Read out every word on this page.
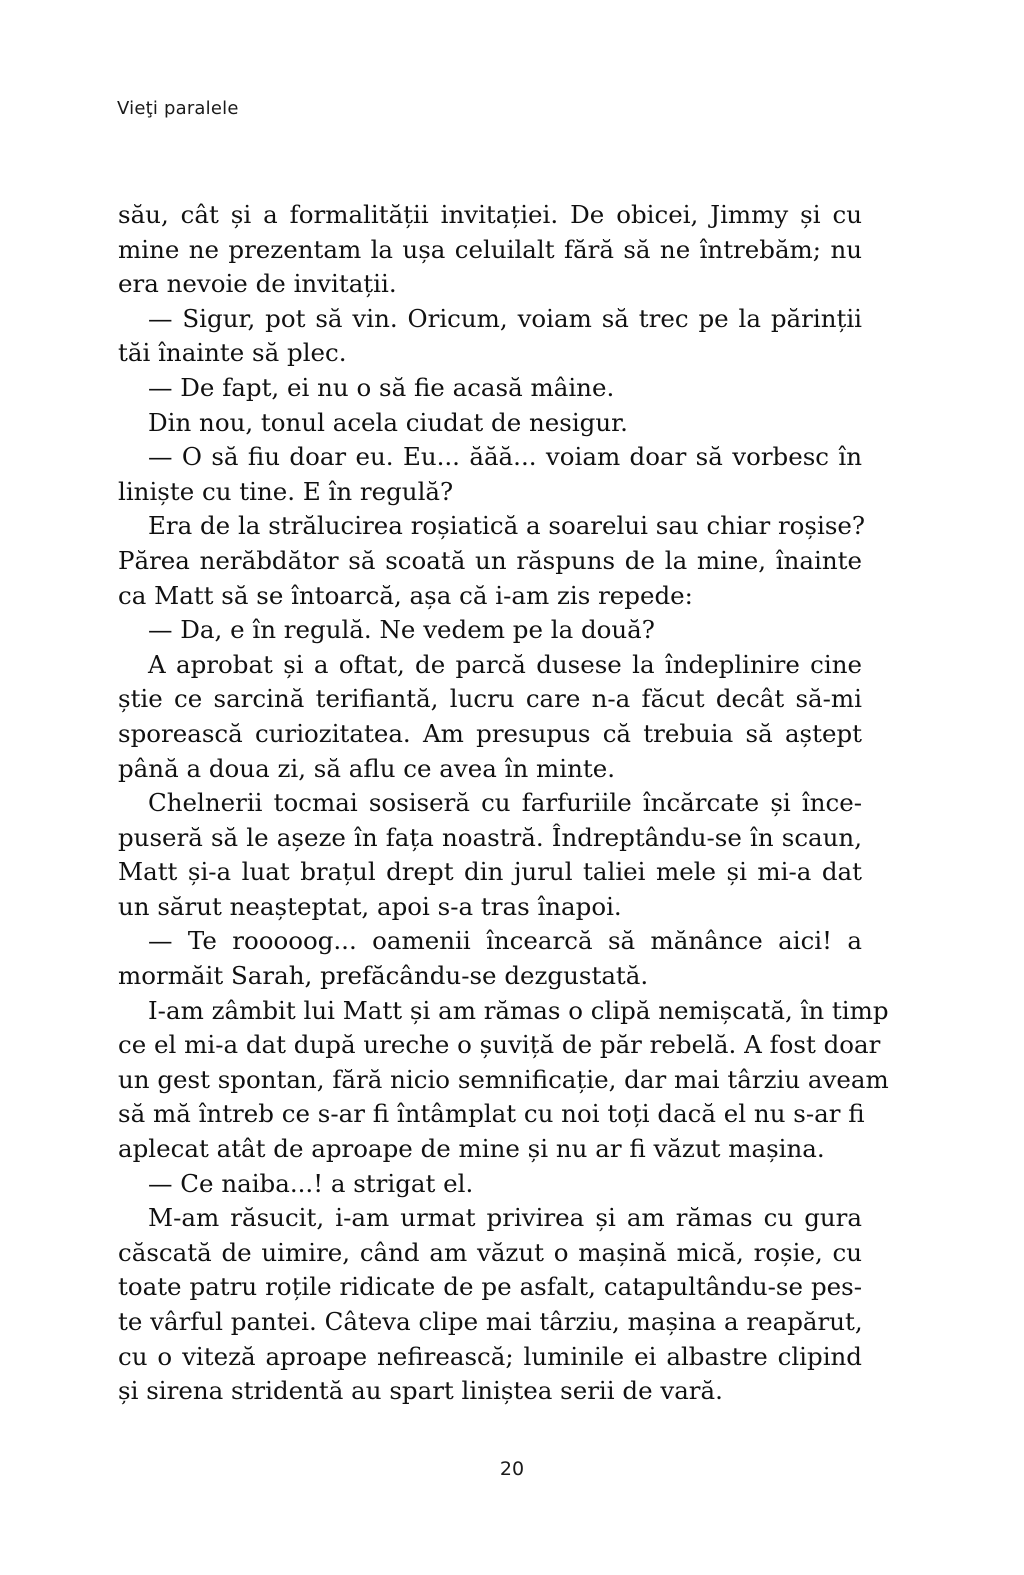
Vieţi paralele
său, cât și a formalității invitației. De obicei, Jimmy și cu
mine ne prezentam la ușa celuilalt fără să ne întrebăm; nu
era nevoie de invitații.
— Sigur, pot să vin. Oricum, voiam să trec pe la părinții
tăi înainte să plec.
— De fapt, ei nu o să fie acasă mâine.
Din nou, tonul acela ciudat de nesigur.
— O să fiu doar eu. Eu... ăăă... voiam doar să vorbesc în
liniște cu tine. E în regulă?
Era de la strălucirea roșiatică a soarelui sau chiar roșise?
Părea nerăbdător să scoată un răspuns de la mine, înainte
ca Matt să se întoarcă, așa că i-am zis repede:
— Da, e în regulă. Ne vedem pe la două?
A aprobat și a oftat, de parcă dusese la îndeplinire cine
știe ce sarcină terifiantă, lucru care n-a făcut decât să-mi
sporească curiozitatea. Am presupus că trebuia să aștept
până a doua zi, să aflu ce avea în minte.
Chelnerii tocmai sosiseră cu farfuriile încărcate și înce-
puseră să le așeze în fața noastră. Îndreptându-se în scaun,
Matt și-a luat brațul drept din jurul taliei mele și mi-a dat
un sărut neașteptat, apoi s-a tras înapoi.
— Te rooooog... oamenii încearcă să mănânce aici! a
mormăit Sarah, prefăcându-se dezgustată.
I-am zâmbit lui Matt și am rămas o clipă nemișcată, în timp
ce el mi-a dat după ureche o șuviță de păr rebelă. A fost doar
un gest spontan, fără nicio semnificație, dar mai târziu aveam
să mă întreb ce s-ar fi întâmplat cu noi toți dacă el nu s-ar fi
aplecat atât de aproape de mine și nu ar fi văzut mașina.
— Ce naiba...! a strigat el.
M-am răsucit, i-am urmat privirea și am rămas cu gura
căscată de uimire, când am văzut o mașină mică, roșie, cu
toate patru roțile ridicate de pe asfalt, catapultându-se pes-
te vârful pantei. Câteva clipe mai târziu, mașina a reapărut,
cu o viteză aproape nefirească; luminile ei albastre clipind
și sirena stridentă au spart liniștea serii de vară.
20
